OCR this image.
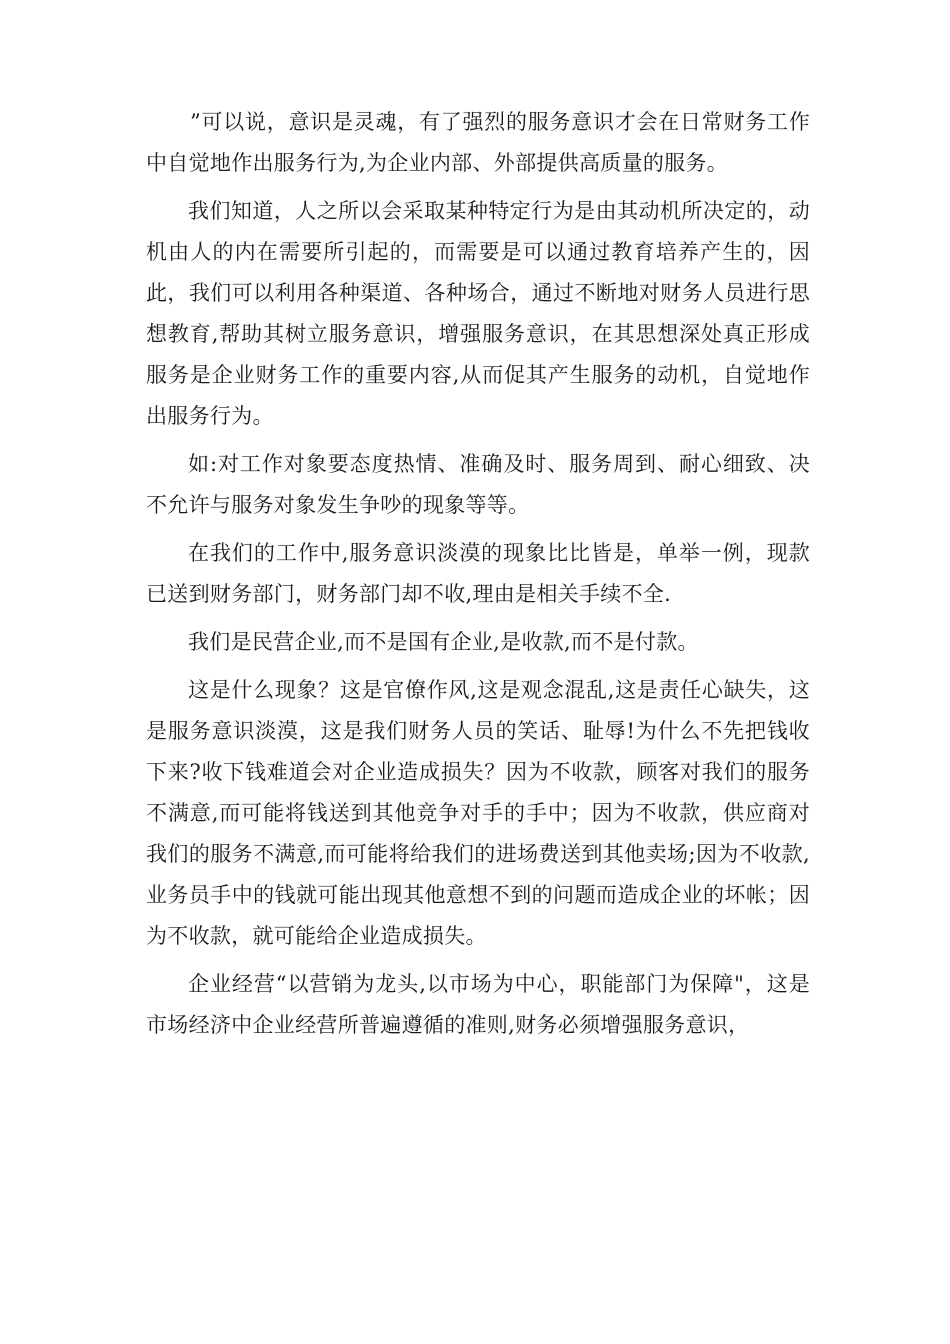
”可以说，意识是灵魂，有了强烈的服务意识才会在日常财务工作中自觉地作出服务行为,为企业内部、外部提供高质量的服务。

我们知道，人之所以会采取某种特定行为是由其动机所决定的，动机由人的内在需要所引起的，而需要是可以通过教育培养产生的，因此，我们可以利用各种渠道、各种场合，通过不断地对财务人员进行思想教育,帮助其树立服务意识，增强服务意识，在其思想深处真正形成服务是企业财务工作的重要内容,从而促其产生服务的动机，自觉地作出服务行为。

如:对工作对象要态度热情、准确及时、服务周到、耐心细致、决不允许与服务对象发生争吵的现象等等。

在我们的工作中,服务意识淡漠的现象比比皆是，单举一例，现款已送到财务部门，财务部门却不收,理由是相关手续不全.

我们是民营企业,而不是国有企业,是收款,而不是付款。

这是什么现象？这是官僚作风,这是观念混乱,这是责任心缺失，这是服务意识淡漠，这是我们财务人员的笑话、耻辱!为什么不先把钱收下来?收下钱难道会对企业造成损失？因为不收款，顾客对我们的服务不满意,而可能将钱送到其他竞争对手的手中；因为不收款，供应商对我们的服务不满意,而可能将给我们的进场费送到其他卖场;因为不收款,业务员手中的钱就可能出现其他意想不到的问题而造成企业的坏帐；因为不收款，就可能给企业造成损失。

企业经营“以营销为龙头,以市场为中心，职能部门为保障"，这是市场经济中企业经营所普遍遵循的准则,财务必须增强服务意识，
